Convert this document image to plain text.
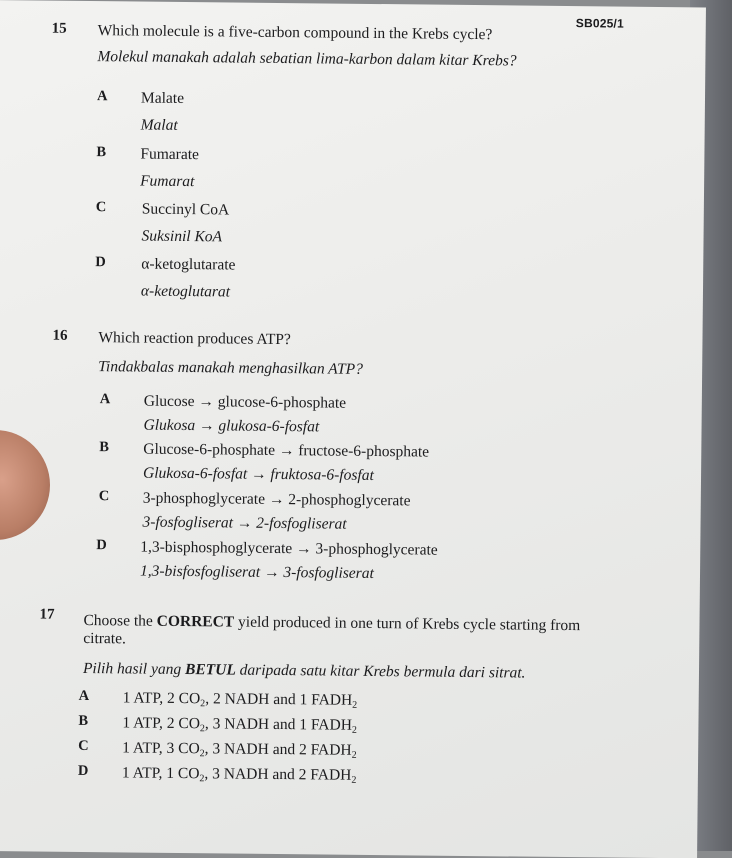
SB025/1
15 Which molecule is a five-carbon compound in the Krebs cycle?
Molekul manakah adalah sebatian lima-karbon dalam kitar Krebs?
A Malate
Malat
B Fumarate
Fumarat
C Succinyl CoA
Suksinil KoA
D α-ketoglutarate
α-ketoglutarat
16 Which reaction produces ATP?
Tindakbalas manakah menghasilkan ATP?
A Glucose → glucose-6-phosphate
Glukosa → glukosa-6-fosfat
B Glucose-6-phosphate → fructose-6-phosphate
Glukosa-6-fosfat → fruktosa-6-fosfat
C 3-phosphoglycerate → 2-phosphoglycerate
3-fosfogliserat → 2-fosfogliserat
D 1,3-bisphosphoglycerate → 3-phosphoglycerate
1,3-bisfosfogliserat → 3-fosfogliserat
17 Choose the CORRECT yield produced in one turn of Krebs cycle starting from
citrate.
Pilih hasil yang BETUL daripada satu kitar Krebs bermula dari sitrat.
A 1 ATP, 2 $CO_2$, 2 NADH and 1 $FADH_2$
B 1 ATP, 2 $CO_2$, 3 NADH and 1 $FADH_2$
C 1 ATP, 3 $CO_2$, 3 NADH and 2 $FADH_2$
D 1 ATP, 1 $CO_2$, 3 NADH and 2 $FADH_2$
